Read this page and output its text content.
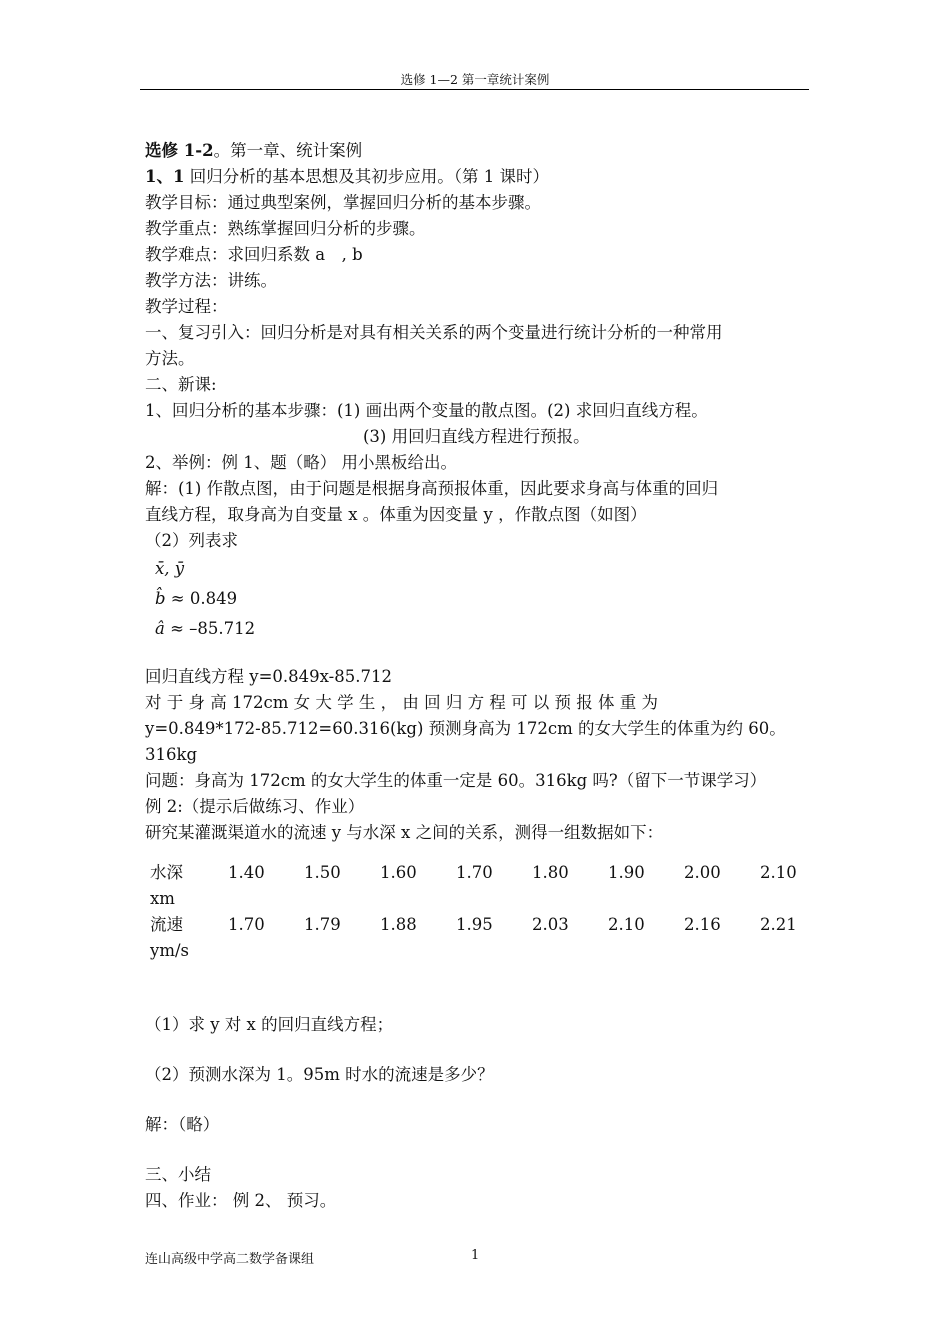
选修 1—2 第一章统计案例
选修 1-2。第一章、统计案例
1、1 回归分析的基本思想及其初步应用。（第 1 课时）
教学目标：通过典型案例，掌握回归分析的基本步骤。
教学重点：熟练掌握回归分析的步骤。
教学难点：求回归系数 a　, b
教学方法：讲练。
教学过程：
一、复习引入：回归分析是对具有相关关系的两个变量进行统计分析的一种常用
方法。
二、新课:
1、回归分析的基本步骤：(1) 画出两个变量的散点图。(2) 求回归直线方程。
(3) 用回归直线方程进行预报。
2、举例：例 1、题（略） 用小黑板给出。
解：(1) 作散点图，由于问题是根据身高预报体重，因此要求身高与体重的回归
直线方程，取身高为自变量 x 。体重为因变量 y ，作散点图（如图）
（2）列表求
x̄, ȳ
b̂ ≈ 0.849
â ≈ –85.712
回归直线方程 y=0.849x-85.712
对 于 身 高 172cm 女 大 学 生 ， 由 回 归 方 程 可 以 预 报 体 重 为
y=0.849*172-85.712=60.316(kg) 预测身高为 172cm 的女大学生的体重为约 60。
316kg
问题：身高为 172cm 的女大学生的体重一定是 60。316kg 吗?（留下一节课学习）
例 2:（提示后做练习、作业）
研究某灌溉渠道水的流速 y 与水深 x 之间的关系，测得一组数据如下：
水深
xm	1.40	1.50	1.60	1.70	1.80	1.90	2.00	2.10

流速
ym/s	1.70	1.79	1.88	1.95	2.03	2.10	2.16	2.21
（1）求 y 对 x 的回归直线方程；
（2）预测水深为 1。95m 时水的流速是多少？
解：（略）
三、小结
四、作业： 例 2、 预习。
连山高级中学高二数学备课组	1
